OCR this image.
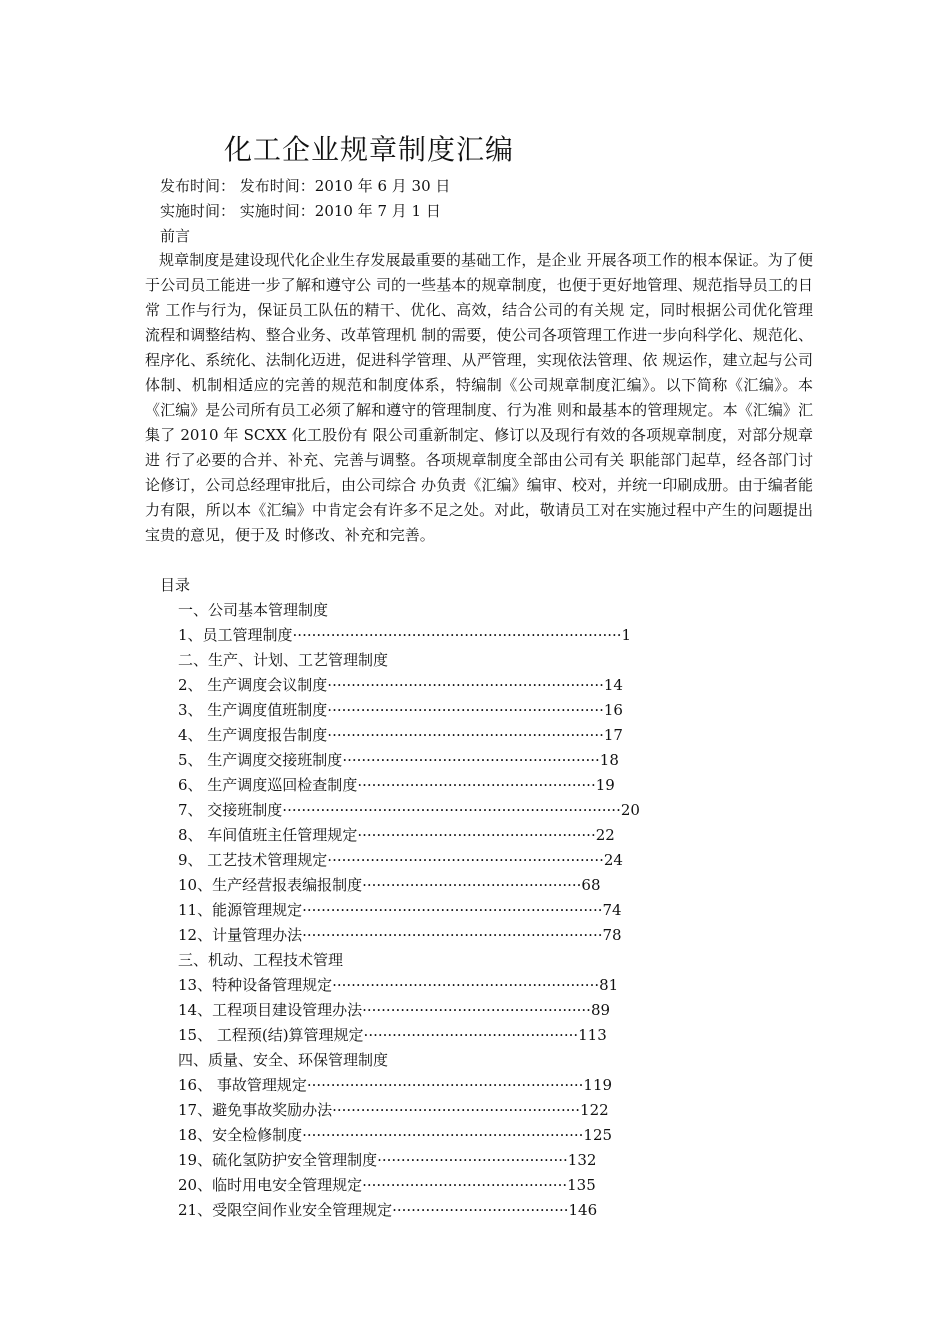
化工企业规章制度汇编
发布时间： 发布时间：2010 年 6 月 30 日
实施时间： 实施时间：2010 年 7 月 1 日
前言
规章制度是建设现代化企业生存发展最重要的基础工作，是企业 开展各项工作的根本保证。为了便于公司员工能进一步了解和遵守公 司的一些基本的规章制度，也便于更好地管理、规范指导员工的日常 工作与行为，保证员工队伍的精干、优化、高效，结合公司的有关规 定，同时根据公司优化管理流程和调整结构、整合业务、改革管理机 制的需要，使公司各项管理工作进一步向科学化、规范化、程序化、系统化、法制化迈进，促进科学管理、从严管理，实现依法管理、依 规运作，建立起与公司体制、机制相适应的完善的规范和制度体系，特编制《公司规章制度汇编》。以下简称《汇编》。本《汇编》是公司所有员工必须了解和遵守的管理制度、行为准 则和最基本的管理规定。本《汇编》汇集了 2010 年 SCXX 化工股份有 限公司重新制定、修订以及现行有效的各项规章制度，对部分规章进 行了必要的合并、补充、完善与调整。各项规章制度全部由公司有关 职能部门起草，经各部门讨论修订，公司总经理审批后，由公司综合 办负责《汇编》编审、校对，并统一印刷成册。由于编者能力有限，所以本《汇编》中肯定会有许多不足之处。对此，敬请员工对在实施过程中产生的问题提出宝贵的意见，便于及 时修改、补充和完善。
目录
一、公司基本管理制度
1、员工管理制度·····································································1
二、生产、计划、工艺管理制度
2、 生产调度会议制度··························································14
3、 生产调度值班制度··························································16
4、 生产调度报告制度··························································17
5、 生产调度交接班制度······················································18
6、 生产调度巡回检查制度··················································19
7、 交接班制度·······································································20
8、 车间值班主任管理规定··················································22
9、 工艺技术管理规定··························································24
10、生产经营报表编报制度··············································68
11、能源管理规定·······························································74
12、计量管理办法·······························································78
三、机动、工程技术管理
13、特种设备管理规定························································81
14、工程项目建设管理办法················································89
15、 工程预(结)算管理规定·············································113
四、质量、安全、环保管理制度
16、 事故管理规定··························································119
17、避免事故奖励办法····················································122
18、安全检修制度···························································125
19、硫化氢防护安全管理制度········································132
20、临时用电安全管理规定···········································135
21、受限空间作业安全管理规定·····································146
